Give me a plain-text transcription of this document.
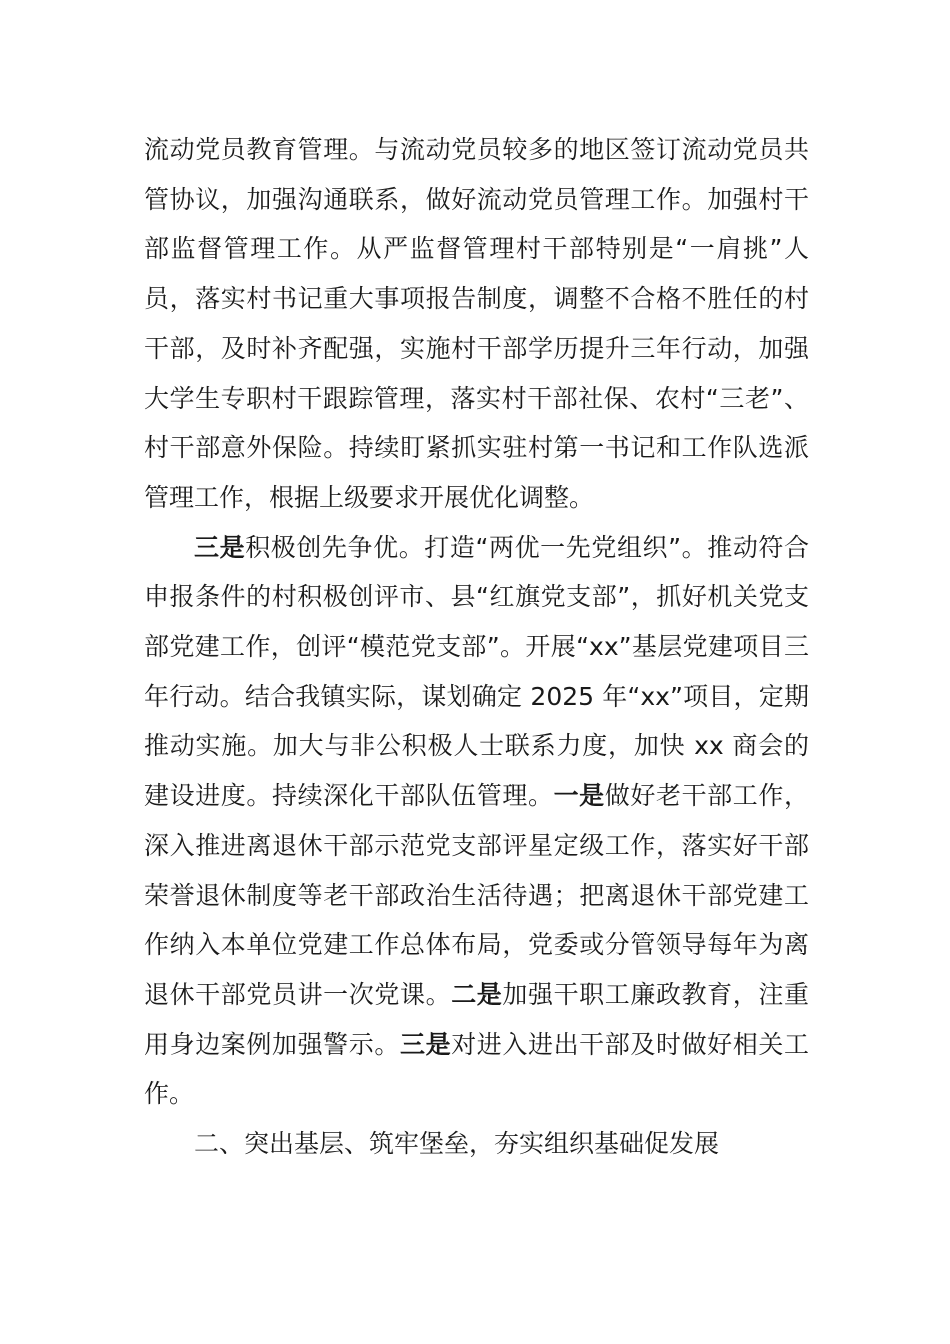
流动党员教育管理。与流动党员较多的地区签订流动党员共管协议，加强沟通联系，做好流动党员管理工作。加强村干部监督管理工作。从严监督管理村干部特别是“一肩挑”人员，落实村书记重大事项报告制度，调整不合格不胜任的村干部，及时补齐配强，实施村干部学历提升三年行动，加强大学生专职村干跟踪管理，落实村干部社保、农村“三老”、村干部意外保险。持续盯紧抓实驻村第一书记和工作队选派管理工作，根据上级要求开展优化调整。

三是积极创先争优。打造“两优一先党组织”。推动符合申报条件的村积极创评市、县“红旗党支部”，抓好机关党支部党建工作，创评“模范党支部”。开展“xx”基层党建项目三年行动。结合我镇实际，谋划确定 2025 年“xx”项目，定期推动实施。加大与非公积极人士联系力度，加快 xx 商会的建设进度。持续深化干部队伍管理。一是做好老干部工作，深入推进离退休干部示范党支部评星定级工作，落实好干部荣誉退休制度等老干部政治生活待遇；把离退休干部党建工作纳入本单位党建工作总体布局，党委或分管领导每年为离退休干部党员讲一次党课。二是加强干职工廉政教育，注重用身边案例加强警示。三是对进入进出干部及时做好相关工作。

二、突出基层、筑牢堡垒，夯实组织基础促发展
